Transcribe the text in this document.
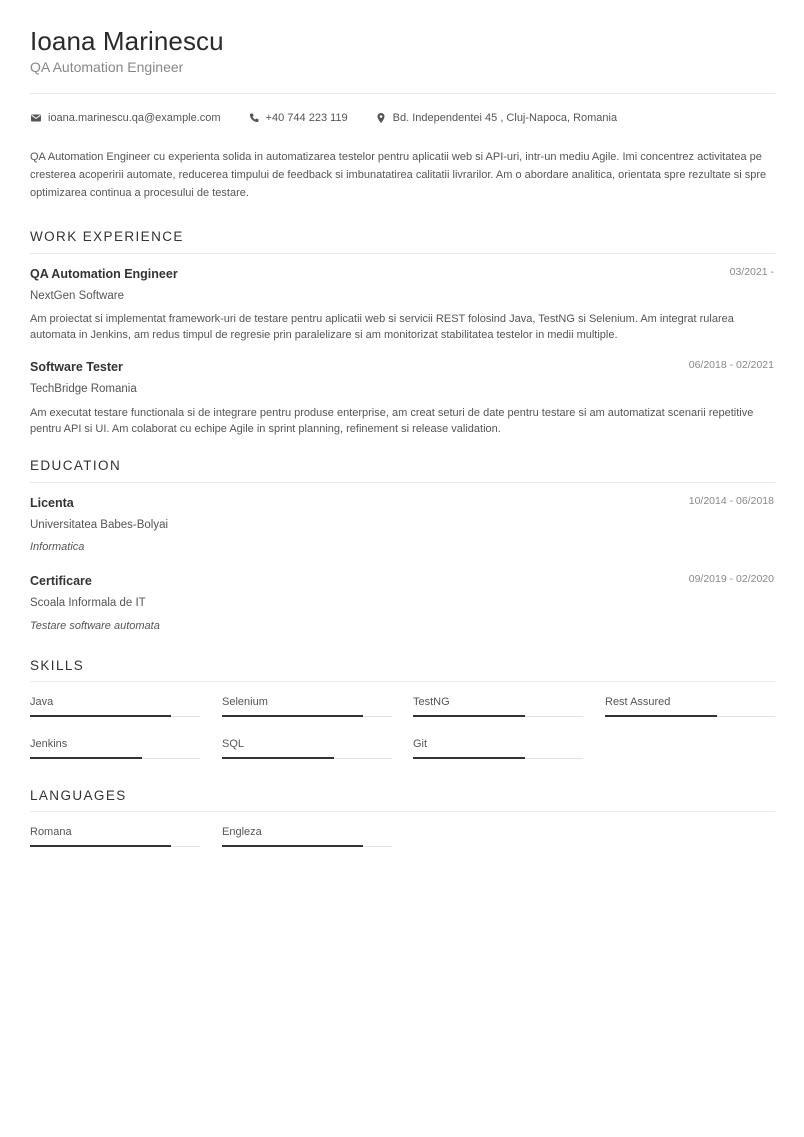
Ioana Marinescu

QA Automation Engineer

ioana.marinescu.qa@example.com	+40 744 223 119	Bd. Independentei 45 , Cluj-Napoca, Romania

QA Automation Engineer cu experienta solida in automatizarea testelor pentru aplicatii web si API-uri, intr-un mediu Agile. Imi concentrez activitatea pe cresterea acoperirii automate, reducerea timpului de feedback si imbunatatirea calitatii livrarilor. Am o abordare analitica, orientata spre rezultate si spre optimizarea continua a procesului de testare.

WORK EXPERIENCE

QA Automation Engineer	03/2021 -

NextGen Software

Am proiectat si implementat framework-uri de testare pentru aplicatii web si servicii REST folosind Java, TestNG si Selenium. Am integrat rularea automata in Jenkins, am redus timpul de regresie prin paralelizare si am monitorizat stabilitatea testelor in medii multiple.

Software Tester	06/2018 - 02/2021

TechBridge Romania

Am executat testare functionala si de integrare pentru produse enterprise, am creat seturi de date pentru testare si am automatizat scenarii repetitive pentru API si UI. Am colaborat cu echipe Agile in sprint planning, refinement si release validation.

EDUCATION

Licenta	10/2014 - 06/2018

Universitatea Babes-Bolyai

Informatica

Certificare	09/2019 - 02/2020

Scoala Informala de IT

Testare software automata

SKILLS

Java	Selenium	TestNG	Rest Assured

Jenkins	SQL	Git

LANGUAGES

Romana	Engleza
